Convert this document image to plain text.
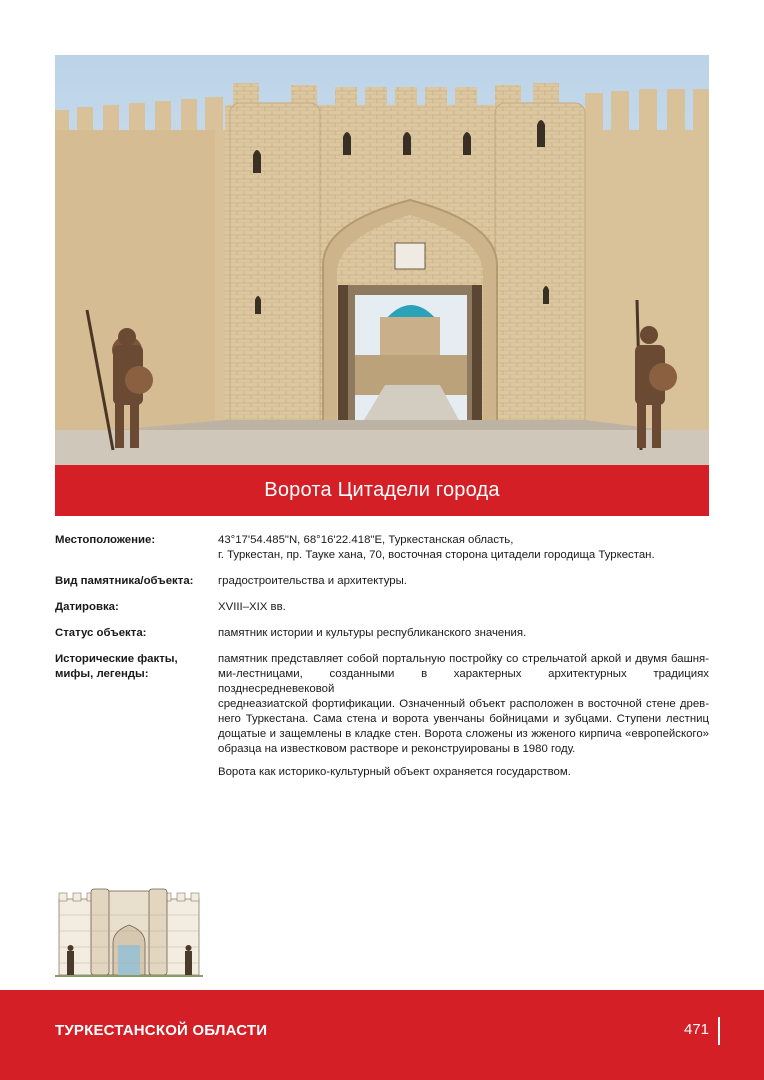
Ворота Цитадели города
Местоположение:	43°17'54.485"N, 68°16'22.418"E, Туркестанская область,

г. Туркестан, пр. Тауке хана, 70, восточная сторона цитадели городища Туркестан.

Вид памятника/объекта:	градостроительства и архитектуры.
Датировка:	XVIII–XIX вв.
Статус объекта:	памятник истории и культуры республиканского значения.
Исторические факты,
мифы, легенды:

памятник представляет собой портальную постройку со стрельчатой аркой и двумя башня-

ми-лестницами, созданными в характерных архитектурных традициях позднесредневековой

среднеазиатской фортификации. Означенный объект расположен в восточной стене древ-

него Туркестана. Сама стена и ворота увенчаны бойницами и зубцами. Ступени лестниц

дощатые и защемлены в кладке стен. Ворота сложены из жженого кирпича «европейского»

образца на известковом растворе и реконструированы в 1980 году.

Ворота как историко-культурный объект охраняется государством.

ТУРКЕСТАНСКОЙ ОБЛАСТИ	471
